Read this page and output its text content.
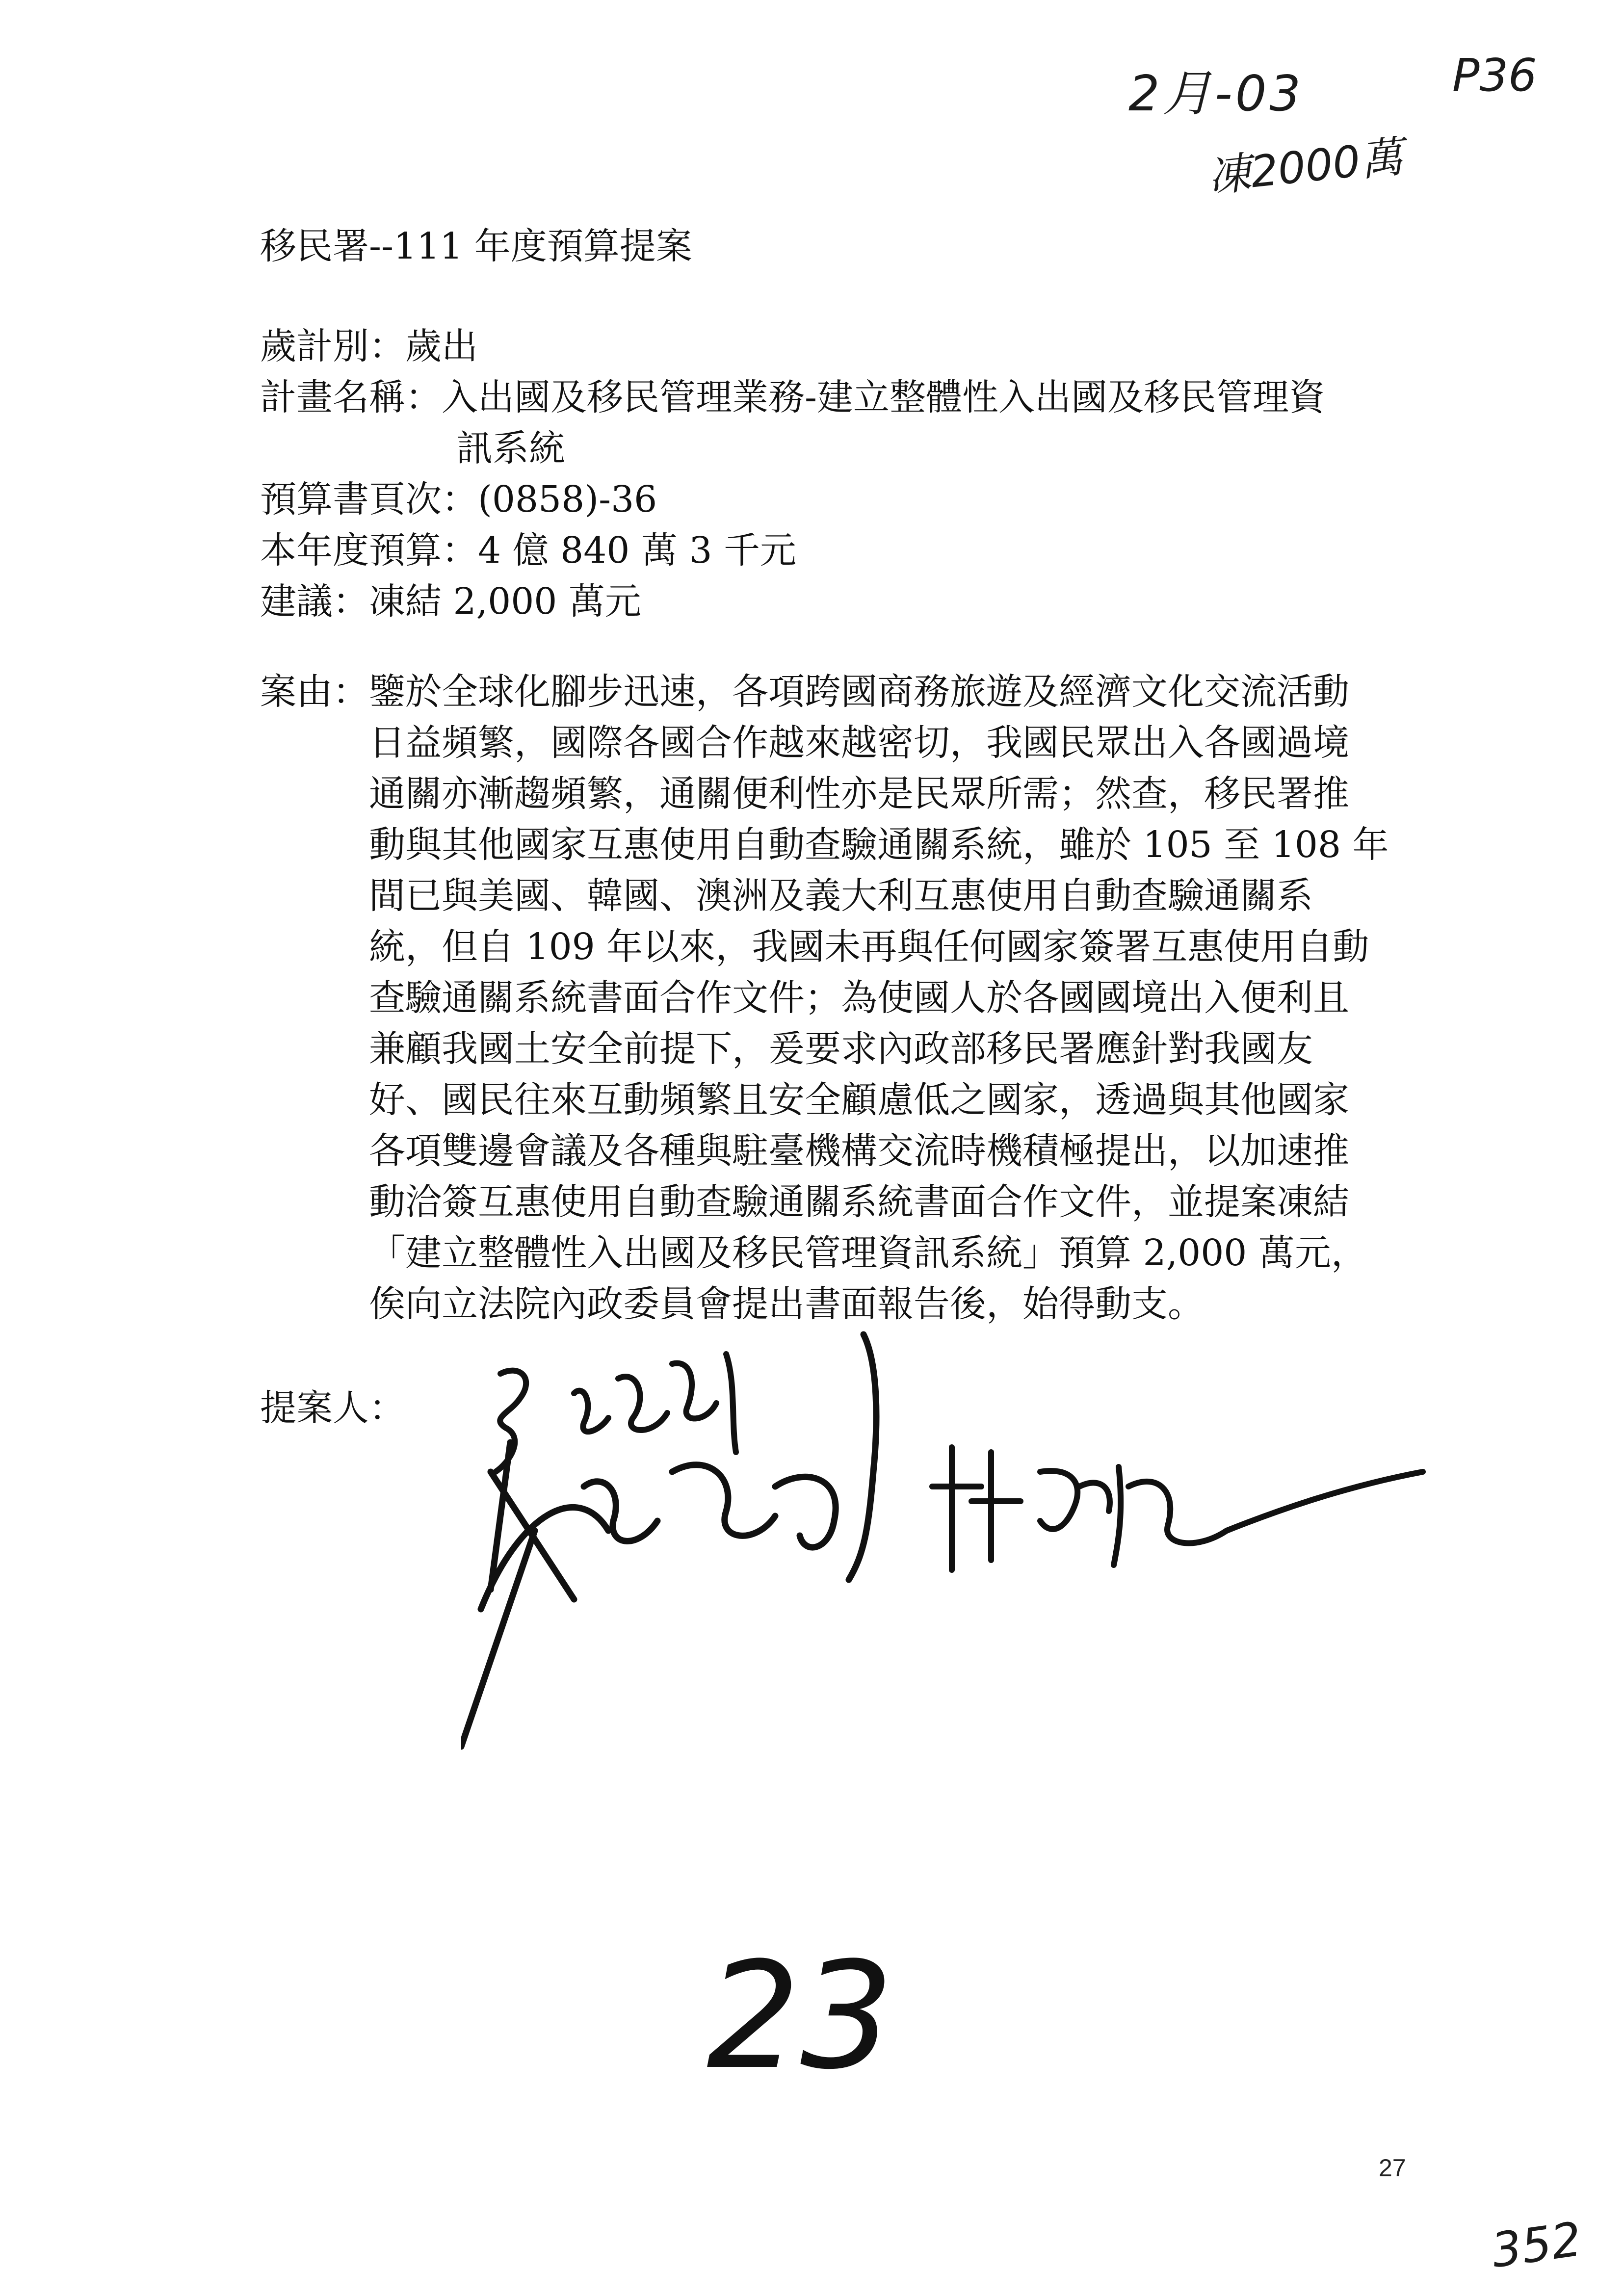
2月-03	P36
凍2000萬
移民署--111 年度預算提案
歲計別： 歲出
計畫名稱： 入出國及移民管理業務-建立整體性入出國及移民管理資
訊系統
預算書頁次： (0858)-36
本年度預算： 4 億 840 萬 3 千元
建議： 凍結 2,000 萬元
案由： 鑒於全球化腳步迅速，各項跨國商務旅遊及經濟文化交流活動
日益頻繁，國際各國合作越來越密切，我國民眾出入各國過境
通關亦漸趨頻繁，通關便利性亦是民眾所需；然查，移民署推
動與其他國家互惠使用自動查驗通關系統，雖於 105 至 108 年
間已與美國、韓國、澳洲及義大利互惠使用自動查驗通關系
統，但自 109 年以來，我國未再與任何國家簽署互惠使用自動
查驗通關系統書面合作文件；為使國人於各國國境出入便利且
兼顧我國土安全前提下，爰要求內政部移民署應針對我國友
好、國民往來互動頻繁且安全顧慮低之國家，透過與其他國家
各項雙邊會議及各種與駐臺機構交流時機積極提出，以加速推
動洽簽互惠使用自動查驗通關系統書面合作文件，並提案凍結
「建立整體性入出國及移民管理資訊系統」預算 2,000 萬元，
俟向立法院內政委員會提出書面報告後，始得動支。
提案人：
23
27
352
